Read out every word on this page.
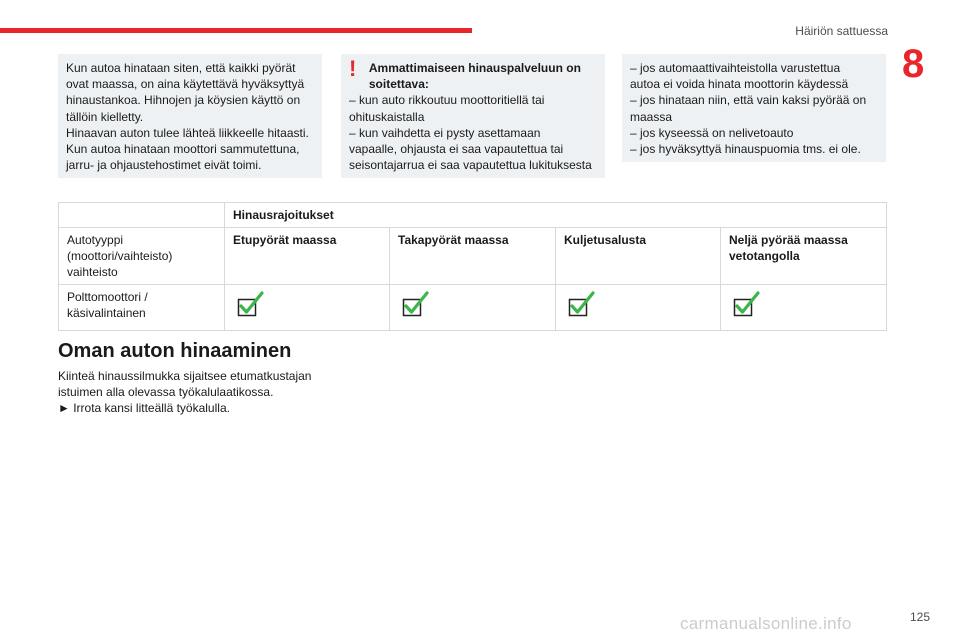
Häiriön sattuessa
8

Kun autoa hinataan siten, että kaikki pyörät

ovat maassa, on aina käytettävä hyväksyttyä

hinaustankoa. Hihnojen ja köysien käyttö on

tällöin kielletty.

Hinaavan auton tulee lähteä liikkeelle hitaasti.

Kun autoa hinataan moottori sammutettuna,

jarru- ja ohjaustehostimet eivät toimi.

!	Ammattimaiseen hinauspalveluun on soitettava:

– kun auto rikkoutuu moottoritiellä tai

ohituskaistalla

– kun vaihdetta ei pysty asettamaan

vapaalle, ohjausta ei saa vapautettua tai

seisontajarrua ei saa vapautettua lukituksesta

– jos automaattivaihteistolla varustettua

autoa ei voida hinata moottorin käydessä

– jos hinataan niin, että vain kaksi pyörää on

maassa

– jos kyseessä on nelivetoauto

– jos hyväksyttyä hinauspuomia tms. ei ole.

	Hinausrajoitukset			

Autotyyppi
(moottori/vaihteisto)
vaihteisto	Etupyörät maassa	Takapyörät maassa	Kuljetusalusta	Neljä pyörää maassa vetotangolla

Polttomoottori /
käsivalintainen

Oman auton hinaaminen
Kiinteä hinaussilmukka sijaitsee etumatkustajan
istuimen alla olevassa työkalulaatikossa.
► Irrota kansi litteällä työkalulla.
carmanualsonline.info	125
